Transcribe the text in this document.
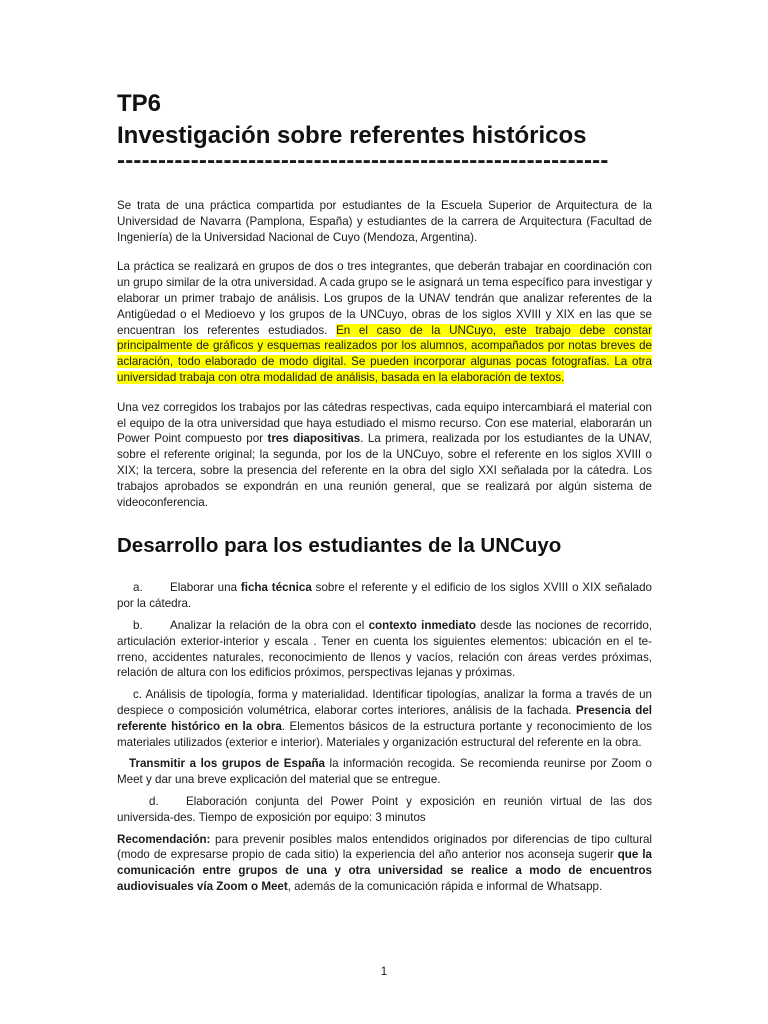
TP6
Investigación sobre referentes históricos
------------------------------------------------------------

Se trata de una práctica compartida por estudiantes de la Escuela Superior de Arquitectura de la Universidad de Navarra (Pamplona, España) y estudiantes de la carrera de Arquitectura (Facultad de Ingeniería) de la Universidad Nacional de Cuyo (Mendoza, Argentina).

La práctica se realizará en grupos de dos o tres integrantes, que deberán trabajar en coordinación con un grupo similar de la otra universidad. A cada grupo se le asignará un tema específico para investigar y elaborar un primer trabajo de análisis. Los grupos de la UNAV tendrán que analizar referentes de la Antigüedad o el Medioevo y los grupos de la UNCuyo, obras de los siglos XVIII y XIX en las que se encuentran los referentes estudiados. En el caso de la UNCuyo, este trabajo debe constar principalmente de gráficos y esquemas realizados por los alumnos, acompañados por notas breves de aclaración, todo elaborado de modo digital. Se pueden incorporar algunas pocas fotografías. La otra universidad trabaja con otra modalidad de análisis, basada en la elaboración de textos.

Una vez corregidos los trabajos por las cátedras respectivas, cada equipo intercambiará el material con el equipo de la otra universidad que haya estudiado el mismo recurso. Con ese material, elaborarán un Power Point compuesto por tres diapositivas. La primera, realizada por los estudiantes de la UNAV, sobre el referente original; la segunda, por los de la UNCuyo, sobre el referente en los siglos XVIII o XIX; la tercera, sobre la presencia del referente en la obra del siglo XXI señalada por la cátedra. Los trabajos aprobados se expondrán en una reunión general, que se realizará por algún sistema de videoconferencia.

Desarrollo para los estudiantes de la UNCuyo

a. Elaborar una ficha técnica sobre el referente y el edificio de los siglos XVIII o XIX señalado por la cátedra.

b. Analizar la relación de la obra con el contexto inmediato desde las nociones de recorrido, articulación exterior-interior y escala . Tener en cuenta los siguientes elementos: ubicación en el te-rreno, accidentes naturales, reconocimiento de llenos y vacíos, relación con áreas verdes próximas, relación de altura con los edificios próximos, perspectivas lejanas y próximas.

c. Análisis de tipología, forma y materialidad. Identificar tipologías, analizar la forma a través de un despiece o composición volumétrica, elaborar cortes interiores, análisis de la fachada. Presencia del referente histórico en la obra. Elementos básicos de la estructura portante y reconocimiento de los materiales utilizados (exterior e interior). Materiales y organización estructural del referente en la obra.

Transmitir a los grupos de España la información recogida. Se recomienda reunirse por Zoom o Meet y dar una breve explicación del material que se entregue.

d. Elaboración conjunta del Power Point y exposición en reunión virtual de las dos universida-des. Tiempo de exposición por equipo: 3 minutos

Recomendación: para prevenir posibles malos entendidos originados por diferencias de tipo cultural (modo de expresarse propio de cada sitio) la experiencia del año anterior nos aconseja sugerir que la comunicación entre grupos de una y otra universidad se realice a modo de encuentros audiovisuales vía Zoom o Meet, además de la comunicación rápida e informal de Whatsapp.

1
